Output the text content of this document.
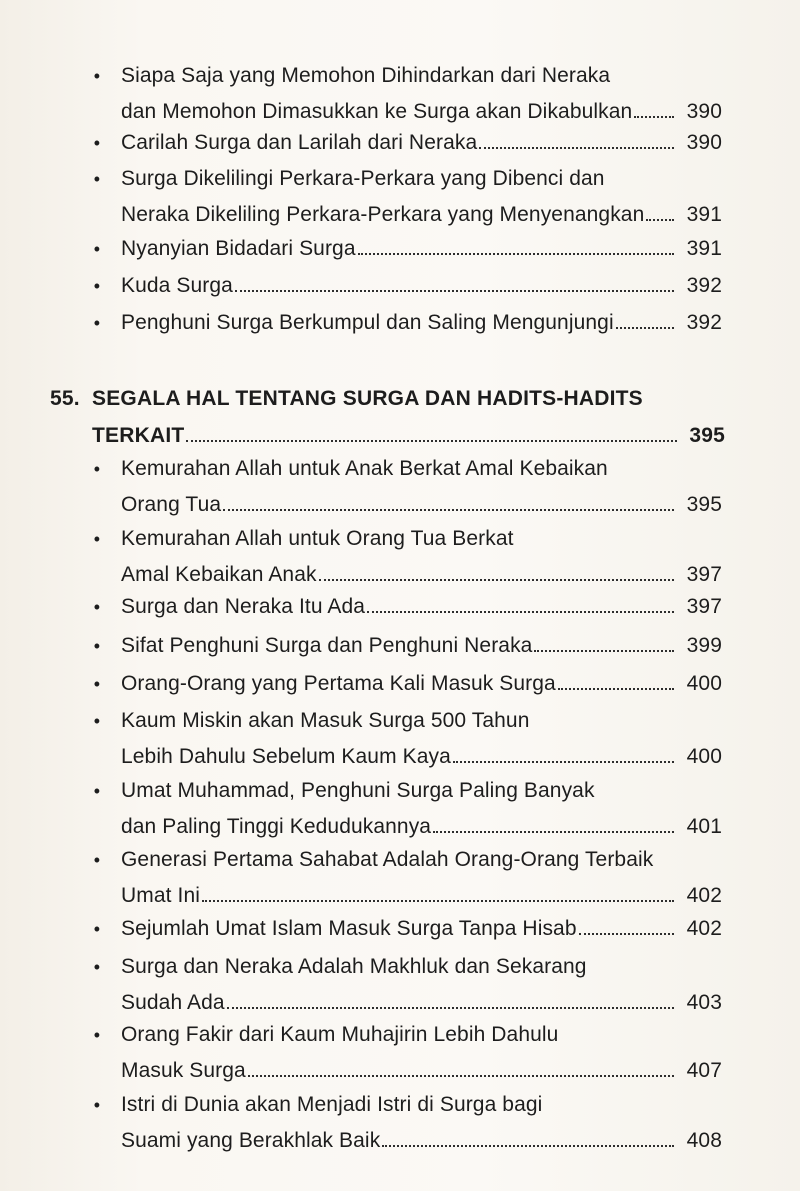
• Siapa Saja yang Memohon Dihindarkan dari Neraka
dan Memohon Dimasukkan ke Surga akan Dikabulkan	390
• Carilah Surga dan Larilah dari Neraka	390
• Surga Dikelilingi Perkara-Perkara yang Dibenci dan
Neraka Dikeliling Perkara-Perkara yang Menyenangkan	391
• Nyanyian Bidadari Surga	391
• Kuda Surga	392
• Penghuni Surga Berkumpul dan Saling Mengunjungi	392
55. SEGALA HAL TENTANG SURGA DAN HADITS-HADITS
TERKAIT	395
• Kemurahan Allah untuk Anak Berkat Amal Kebaikan
Orang Tua	395
• Kemurahan Allah untuk Orang Tua Berkat
Amal Kebaikan Anak	397
• Surga dan Neraka Itu Ada	397
• Sifat Penghuni Surga dan Penghuni Neraka	399
• Orang-Orang yang Pertama Kali Masuk Surga	400
• Kaum Miskin akan Masuk Surga 500 Tahun
Lebih Dahulu Sebelum Kaum Kaya	400
• Umat Muhammad, Penghuni Surga Paling Banyak
dan Paling Tinggi Kedudukannya	401
• Generasi Pertama Sahabat Adalah Orang-Orang Terbaik
Umat Ini	402
• Sejumlah Umat Islam Masuk Surga Tanpa Hisab	402
• Surga dan Neraka Adalah Makhluk dan Sekarang
Sudah Ada	403
• Orang Fakir dari Kaum Muhajirin Lebih Dahulu
Masuk Surga	407
• Istri di Dunia akan Menjadi Istri di Surga bagi
Suami yang Berakhlak Baik	408
